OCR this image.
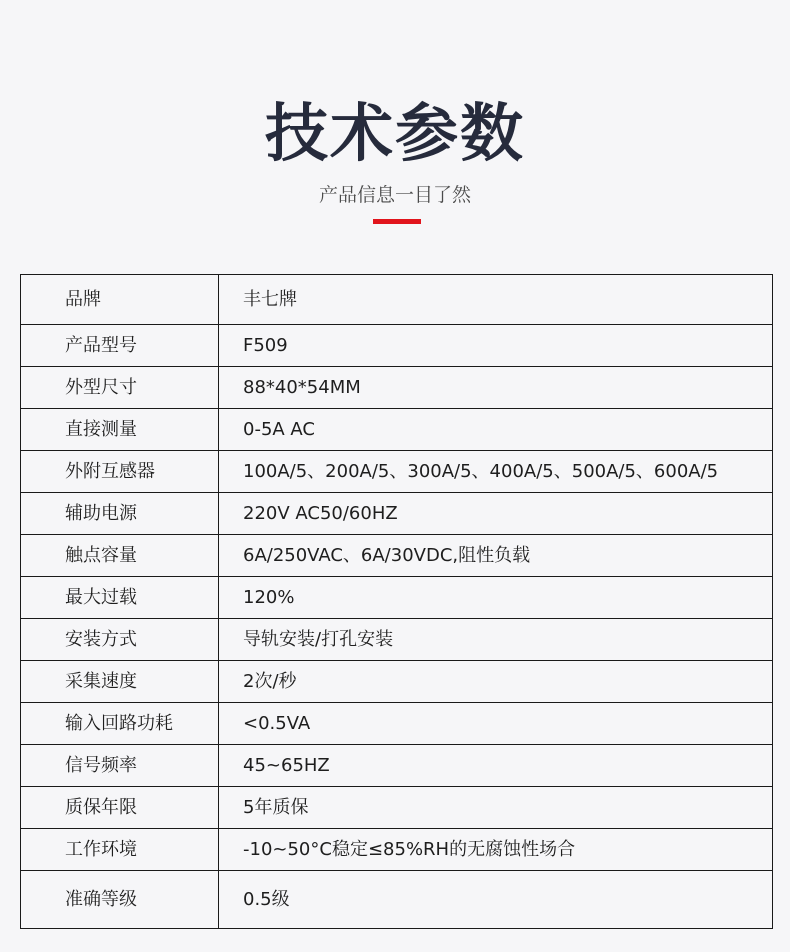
技术参数
产品信息一目了然
品牌	丰七牌
产品型号	F509
外型尺寸	88*40*54MM
直接测量	0-5A AC
外附互感器	100A/5、200A/5、300A/5、400A/5、500A/5、600A/5
辅助电源	220V AC50/60HZ
触点容量	6A/250VAC、6A/30VDC,阻性负载
最大过载	120%
安装方式	导轨安装/打孔安装
采集速度	2次/秒
输入回路功耗	<0.5VA
信号频率	45~65HZ
质保年限	5年质保
工作环境	-10~50°C稳定≤85%RH的无腐蚀性场合
准确等级	0.5级
